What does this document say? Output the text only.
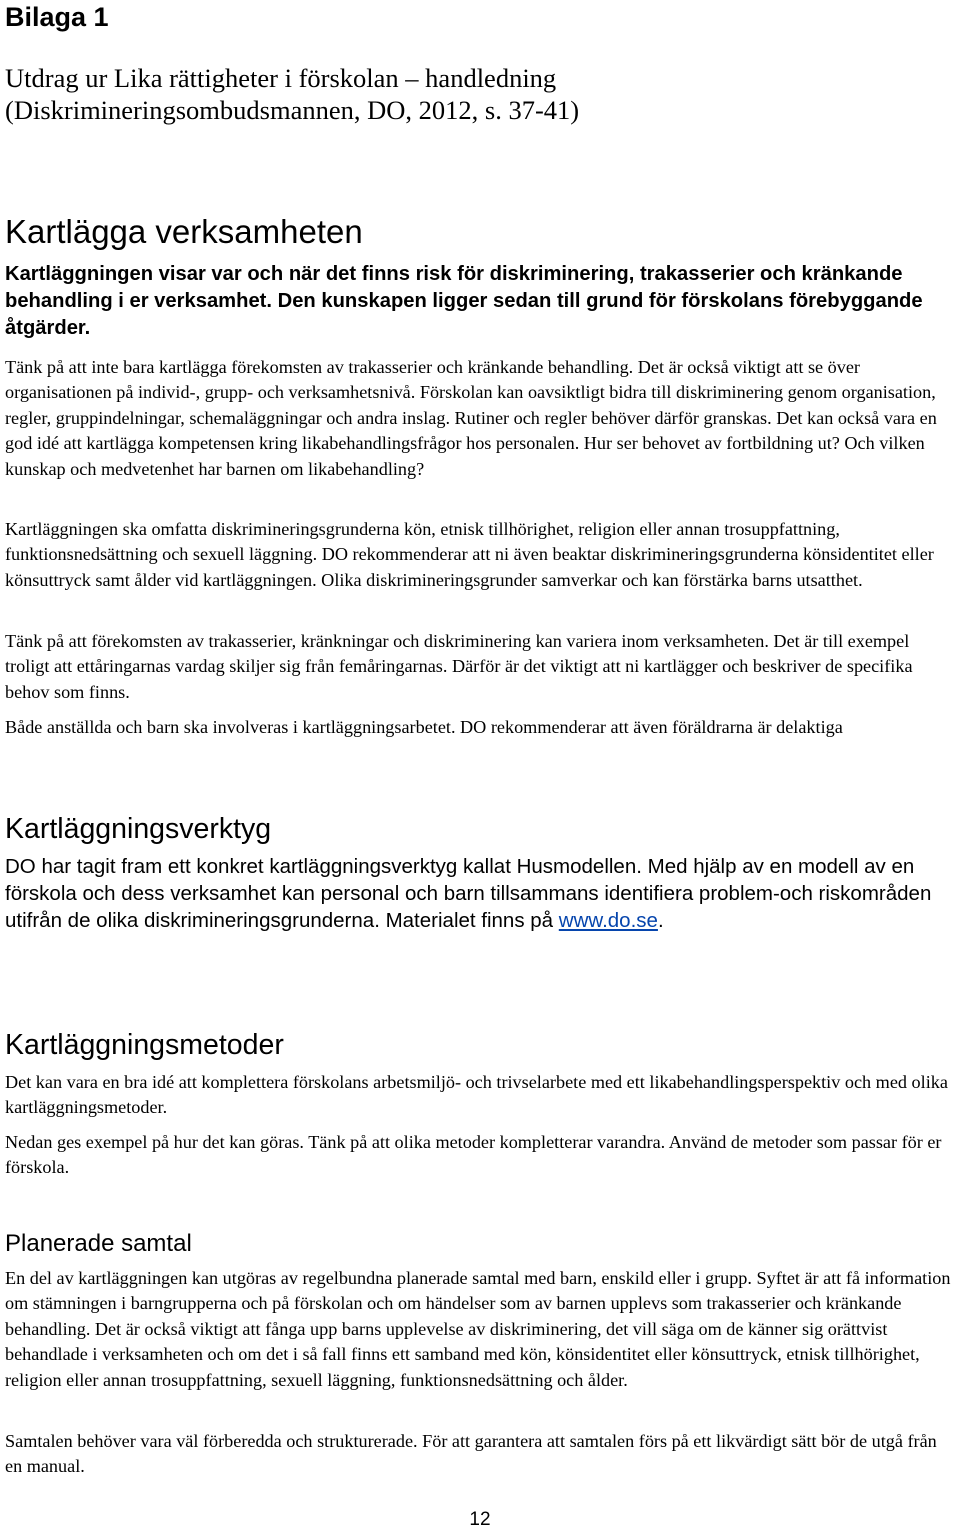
Bilaga 1
Utdrag ur Lika rättigheter i förskolan – handledning
(Diskrimineringsombudsmannen, DO, 2012, s. 37-41)
Kartlägga verksamheten

Kartläggningen visar var och när det finns risk för diskriminering, trakasserier och kränkande behandling i er verksamhet. Den kunskapen ligger sedan till grund för förskolans förebyggande åtgärder.

Tänk på att inte bara kartlägga förekomsten av trakasserier och kränkande behandling. Det är också viktigt att se över organisationen på individ-, grupp- och verksamhetsnivå. Förskolan kan oavsiktligt bidra till diskriminering genom organisation, regler, gruppindelningar, schemaläggningar och andra inslag. Rutiner och regler behöver därför granskas. Det kan också vara en god idé att kartlägga kompetensen kring likabehandlingsfrågor hos personalen. Hur ser behovet av fortbildning ut? Och vilken kunskap och medvetenhet har barnen om likabehandling?

Kartläggningen ska omfatta diskrimineringsgrunderna kön, etnisk tillhörighet, religion eller annan trosuppfattning, funktionsnedsättning och sexuell läggning. DO rekommenderar att ni även beaktar diskrimineringsgrunderna könsidentitet eller könsuttryck samt ålder vid kartläggningen. Olika diskrimineringsgrunder samverkar och kan förstärka barns utsatthet.

Tänk på att förekomsten av trakasserier, kränkningar och diskriminering kan variera inom verksamheten. Det är till exempel troligt att ettåringarnas vardag skiljer sig från femåringarnas. Därför är det viktigt att ni kartlägger och beskriver de specifika behov som finns.

Både anställda och barn ska involveras i kartläggningsarbetet. DO rekommenderar att även föräldrarna är delaktiga

Kartläggningsverktyg

DO har tagit fram ett konkret kartläggningsverktyg kallat Husmodellen. Med hjälp av en modell av en förskola och dess verksamhet kan personal och barn tillsammans identifiera problem-och riskområden utifrån de olika diskrimineringsgrunderna. Materialet finns på www.do.se.

Kartläggningsmetoder

Det kan vara en bra idé att komplettera förskolans arbetsmiljö- och trivselarbete med ett likabehandlingsperspektiv och med olika kartläggningsmetoder.

Nedan ges exempel på hur det kan göras. Tänk på att olika metoder kompletterar varandra. Använd de metoder som passar för er förskola.

Planerade samtal

En del av kartläggningen kan utgöras av regelbundna planerade samtal med barn, enskild eller i grupp. Syftet är att få information om stämningen i barngrupperna och på förskolan och om händelser som av barnen upplevs som trakasserier och kränkande behandling. Det är också viktigt att fånga upp barns upplevelse av diskriminering, det vill säga om de känner sig orättvist behandlade i verksamheten och om det i så fall finns ett samband med kön, könsidentitet eller könsuttryck, etnisk tillhörighet, religion eller annan trosuppfattning, sexuell läggning, funktionsnedsättning och ålder.

Samtalen behöver vara väl förberedda och strukturerade. För att garantera att samtalen förs på ett likvärdigt sätt bör de utgå från en manual.

12
